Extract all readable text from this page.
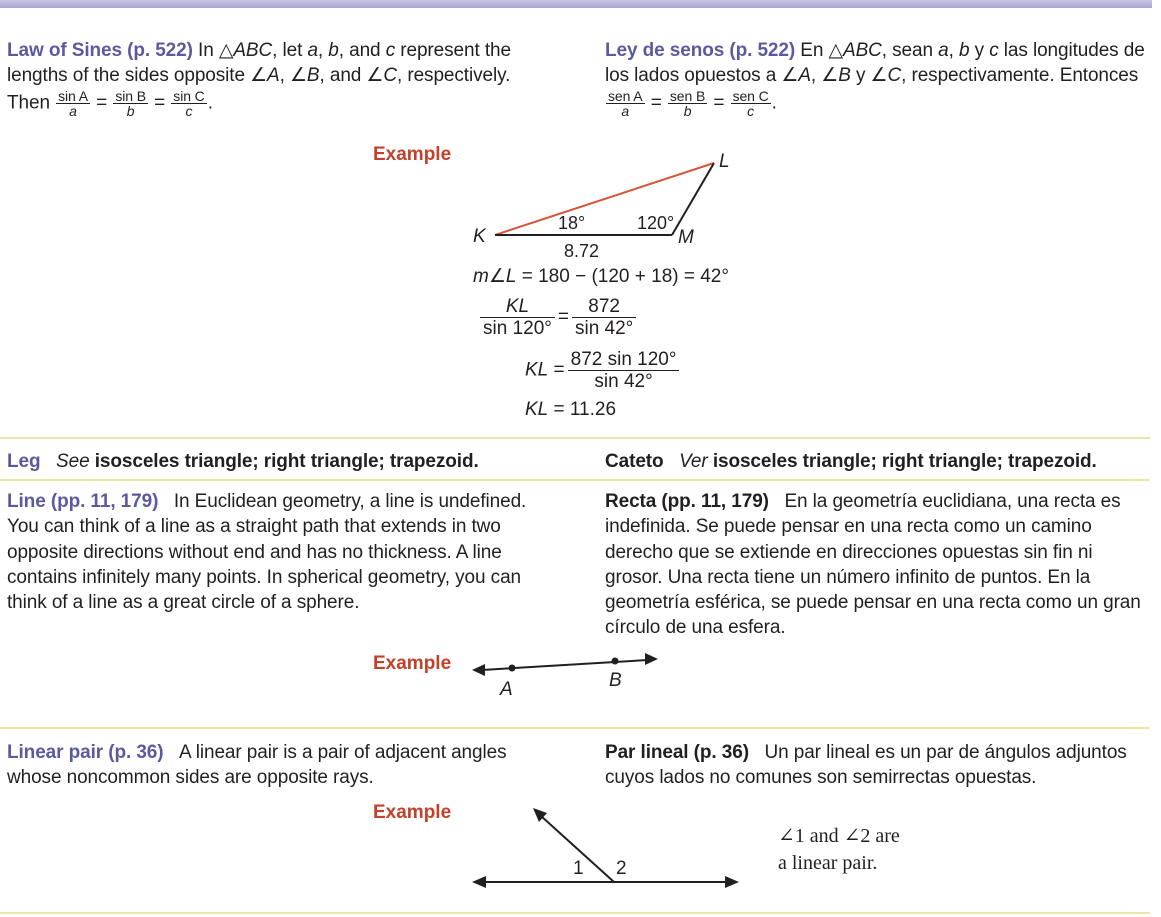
Law of Sines (p. 522) In △ABC, let a, b, and c represent the lengths of the sides opposite ∠A, ∠B, and ∠C, respectively. Then $\frac{\text{sin A}}{a} = \frac{\text{sin B}}{b} = \frac{\text{sin C}}{c}$ .
Ley de senos (p. 522) En △ABC, sean a, b y c las longitudes de los lados opuestos a ∠A, ∠B y ∠C, respectivamente. Entonces
$\frac{\text{sen A}}{a} = \frac{\text{sen B}}{b} = \frac{\text{sen C}}{c}$ .
Example
K
L
M
18°	120°
8.72
m∠L = 180 − (120 + 18) = 42°
$\frac{KL}{\sin 120^\circ} = \frac{872}{\sin 42^\circ}$
KL = $\frac{872 \sin 120^\circ}{\sin 42^\circ}$
KL = 11.26
Leg See isosceles triangle; right triangle; trapezoid.	Cateto Ver isosceles triangle; right triangle; trapezoid.
Line (pp. 11, 179) In Euclidean geometry, a line is undefined. You can think of a line as a straight path that extends in two opposite directions without end and has no thickness. A line contains infinitely many points. In spherical geometry, you can think of a line as a great circle of a sphere.
Recta (pp. 11, 179) En la geometría euclidiana, una recta es indefinida. Se puede pensar en una recta como un camino derecho que se extiende en direcciones opuestas sin fin ni grosor. Una recta tiene un número infinito de puntos. En la geometría esférica, se puede pensar en una recta como un gran círculo de una esfera.
Example
A	B
Linear pair (p. 36) A linear pair is a pair of adjacent angles whose noncommon sides are opposite rays.
Par lineal (p. 36) Un par lineal es un par de ángulos adjuntos cuyos lados no comunes son semirrectas opuestas.
Example
1 2
∠1 and ∠2 are
a linear pair.
